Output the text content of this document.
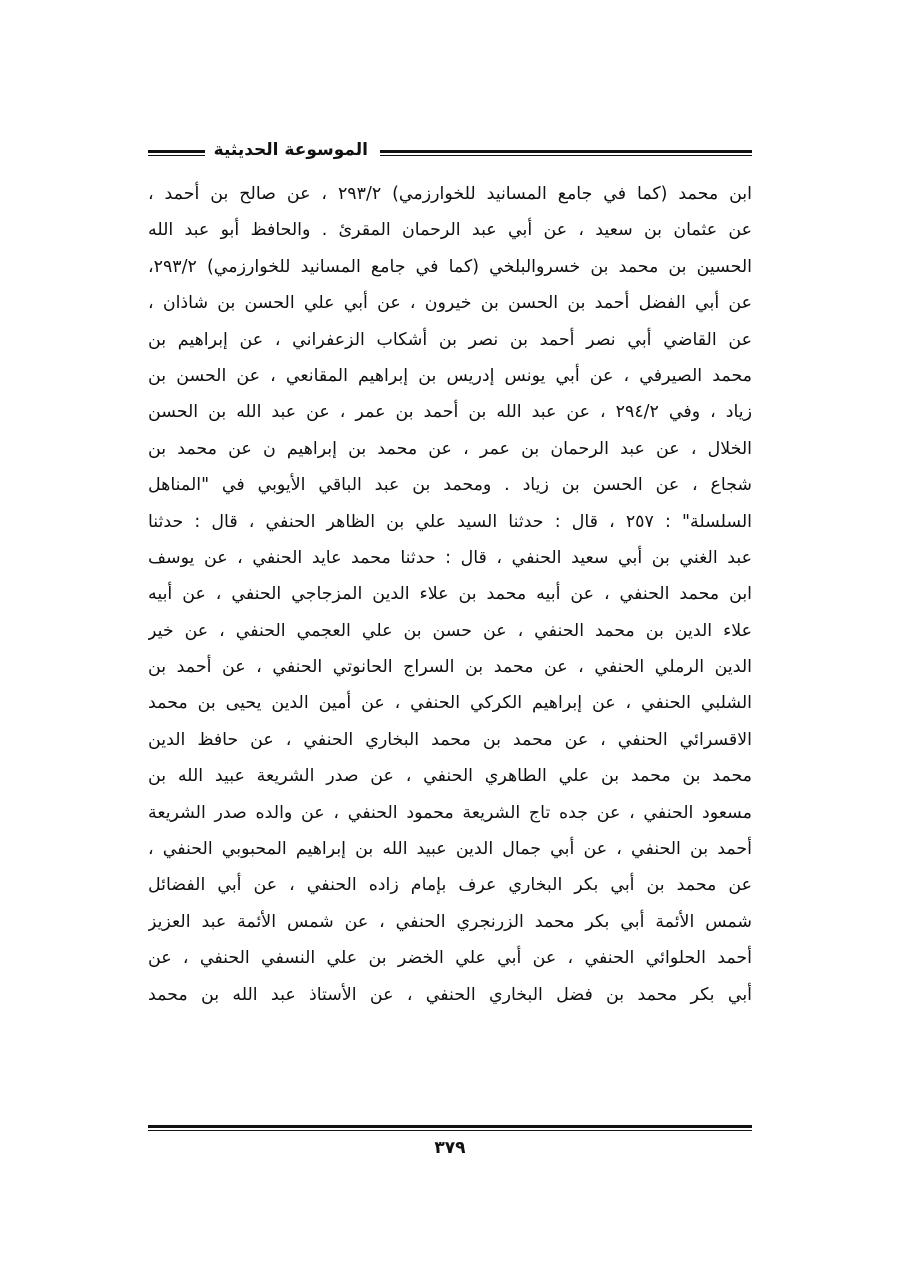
الموسوعة الحديثية
ابن محمد (كما في جامع المسانيد للخوارزمي) ٢٩٣/٢ ، عن صالح بن أحمد ،
عن عثمان بن سعيد ، عن أبي عبد الرحمان المقرئ . والحافظ أبو عبد الله
الحسين بن محمد بن خسروالبلخي (كما في جامع المسانيد للخوارزمي) ٢٩٣/٢،
عن أبي الفضل أحمد بن الحسن بن خيرون ، عن أبي علي الحسن بن شاذان ،
عن القاضي أبي نصر أحمد بن نصر بن أشكاب الزعفراني ، عن إبراهيم بن
محمد الصيرفي ، عن أبي يونس إدريس بن إبراهيم المقانعي ، عن الحسن بن
زياد ، وفي ٢٩٤/٢ ، عن عبد الله بن أحمد بن عمر ، عن عبد الله بن الحسن
الخلال ، عن عبد الرحمان بن عمر ، عن محمد بن إبراهيم ن عن محمد بن
شجاع ، عن الحسن بن زياد . ومحمد بن عبد الباقي الأيوبي في "المناهل
السلسلة" : ٢٥٧ ، قال : حدثنا السيد علي بن الظاهر الحنفي ، قال : حدثنا
عبد الغني بن أبي سعيد الحنفي ، قال : حدثنا محمد عايد الحنفي ، عن يوسف
ابن محمد الحنفي ، عن أبيه محمد بن علاء الدين المزجاجي الحنفي ، عن أبيه
علاء الدين بن محمد الحنفي ، عن حسن بن علي العجمي الحنفي ، عن خير
الدين الرملي الحنفي ، عن محمد بن السراج الحانوتي الحنفي ، عن أحمد بن
الشلبي الحنفي ، عن إبراهيم الكركي الحنفي ، عن أمين الدين يحيى بن محمد
الاقسرائي الحنفي ، عن محمد بن محمد البخاري الحنفي ، عن حافظ الدين
محمد بن محمد بن علي الطاهري الحنفي ، عن صدر الشريعة عبيد الله بن
مسعود الحنفي ، عن جده تاج الشريعة محمود الحنفي ، عن والده صدر الشريعة
أحمد بن الحنفي ، عن أبي جمال الدين عبيد الله بن إبراهيم المحبوبي الحنفي ،
عن محمد بن أبي بكر البخاري عرف بإمام زاده الحنفي ، عن أبي الفضائل
شمس الأئمة أبي بكر محمد الزرنجري الحنفي ، عن شمس الأئمة عبد العزيز
أحمد الحلوائي الحنفي ، عن أبي علي الخضر بن علي النسفي الحنفي ، عن
أبي بكر محمد بن فضل البخاري الحنفي ، عن الأستاذ عبد الله بن محمد
٣٧٩
